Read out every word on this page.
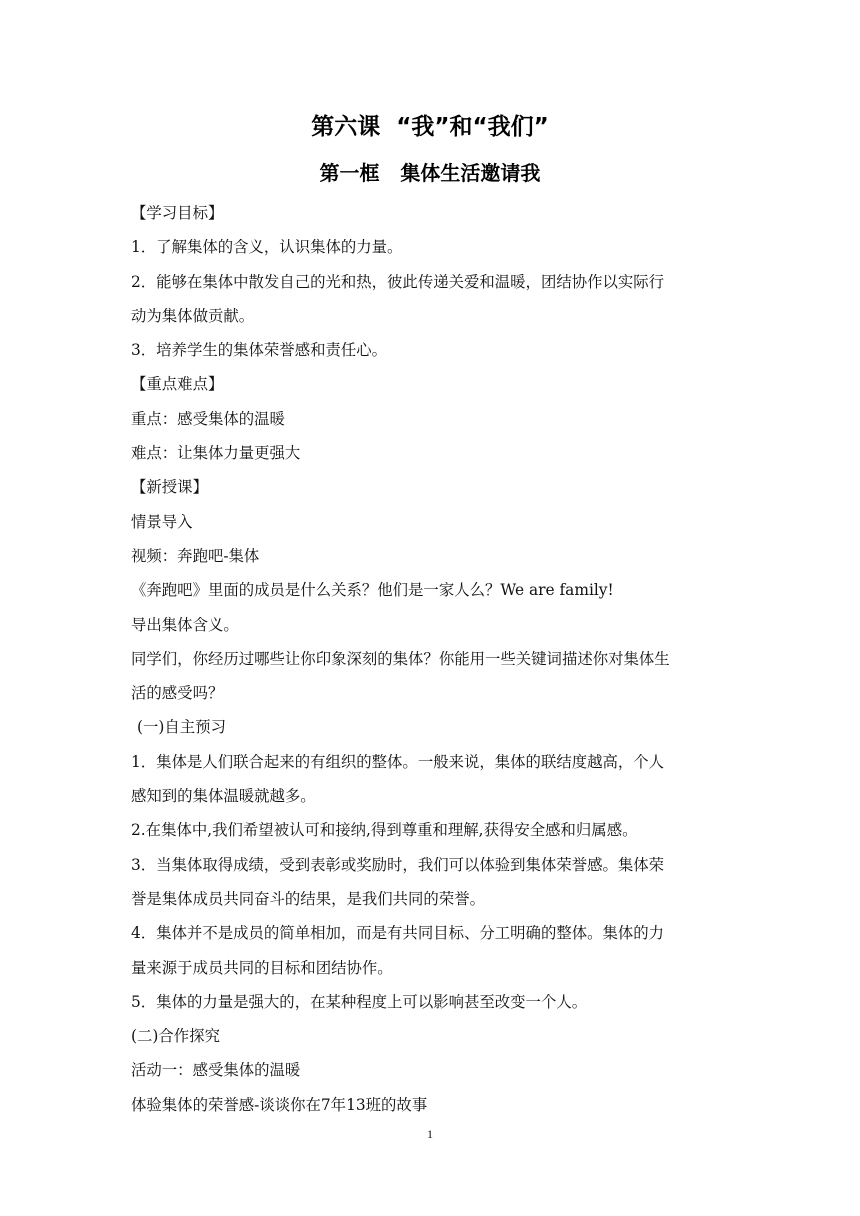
第六课  “我”和“我们”
第一框   集体生活邀请我
【学习目标】
1．了解集体的含义，认识集体的力量。
2．能够在集体中散发自己的光和热，彼此传递关爱和温暖，团结协作以实际行
动为集体做贡献。
3．培养学生的集体荣誉感和责任心。
【重点难点】
重点：感受集体的温暖
难点：让集体力量更强大
【新授课】
情景导入
视频：奔跑吧-集体
《奔跑吧》里面的成员是什么关系？他们是一家人么？We are family!
导出集体含义。
同学们，你经历过哪些让你印象深刻的集体？你能用一些关键词描述你对集体生
活的感受吗？
(一)自主预习
1．集体是人们联合起来的有组织的整体。一般来说，集体的联结度越高，个人
感知到的集体温暖就越多。
2.在集体中,我们希望被认可和接纳,得到尊重和理解,获得安全感和归属感。
3．当集体取得成绩，受到表彰或奖励时，我们可以体验到集体荣誉感。集体荣
誉是集体成员共同奋斗的结果，是我们共同的荣誉。
4．集体并不是成员的简单相加，而是有共同目标、分工明确的整体。集体的力
量来源于成员共同的目标和团结协作。
5．集体的力量是强大的，在某种程度上可以影响甚至改变一个人。
(二)合作探究
活动一：感受集体的温暖
体验集体的荣誉感-谈谈你在7年13班的故事
1
